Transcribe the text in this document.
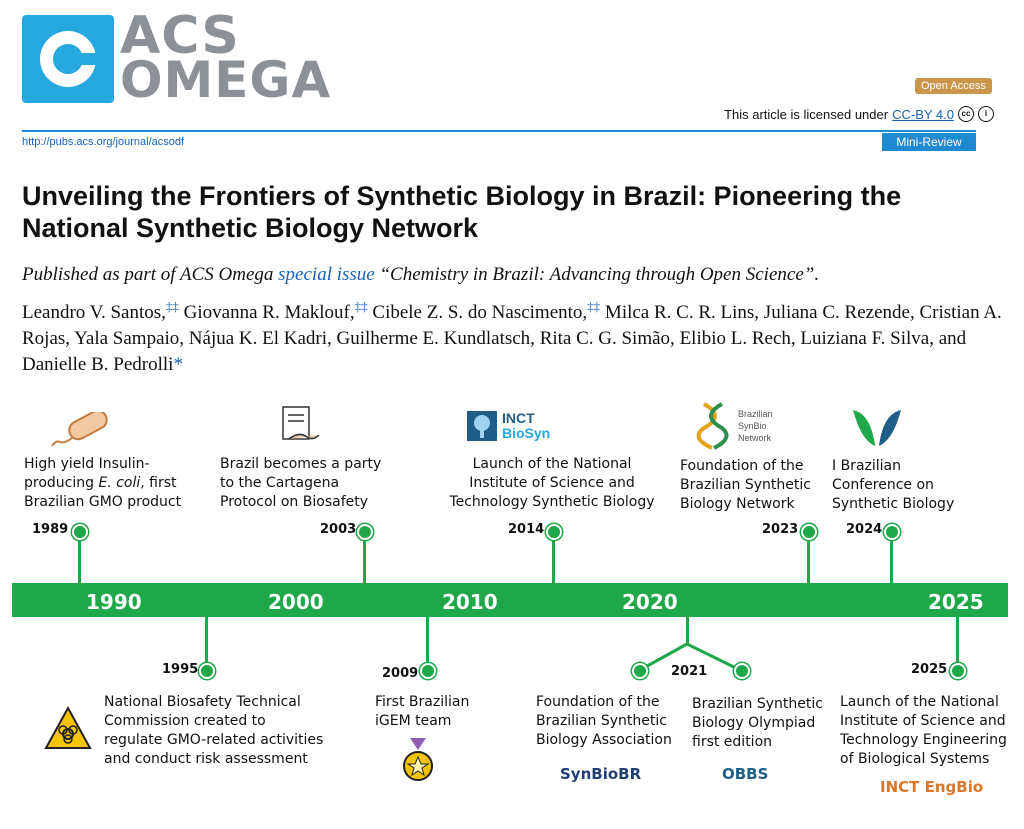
ACS
OMEGA	Open Access
This article is licensed under CC-BY 4.0 cc	i
http://pubs.acs.org/journal/acsodf	Mini-Review
Unveiling the Frontiers of Synthetic Biology in Brazil: Pioneering the National Synthetic Biology Network
Published as part of ACS Omega special issue “Chemistry in Brazil: Advancing through Open Science”.
Leandro V. Santos,‡‡ Giovanna R. Maklouf,‡‡ Cibele Z. S. do Nascimento,‡‡ Milca R. C. R. Lins, Juliana C. Rezende, Cristian A. Rojas, Yala Sampaio, Nájua K. El Kadri, Guilherme E. Kundlatsch, Rita C. G. Simão, Elibio L. Rech, Luiziana F. Silva, and Danielle B. Pedrolli*
1990	2000	2010	2020	2025
1989	2003	2014	2023	2024
1995	2009	2021	2025
High yield Insulin-
producing E. coli, first
Brazilian GMO product
Brazil becomes a party
to the Cartagena
Protocol on Biosafety
INCT
BioSyn
Launch of the National
Institute of Science and
Technology Synthetic Biology
Brazilian
SynBio
Network
Foundation of the
Brazilian Synthetic
Biology Network
I Brazilian
Conference on
Synthetic Biology
National Biosafety Technical
Commission created to
regulate GMO-related activities
and conduct risk assessment
First Brazilian
iGEM team
Foundation of the
Brazilian Synthetic
Biology Association
SynBioBR
Brazilian Synthetic
Biology Olympiad
first edition
OBBS
Launch of the National
Institute of Science and
Technology Engineering
of Biological Systems
INCT EngBio
